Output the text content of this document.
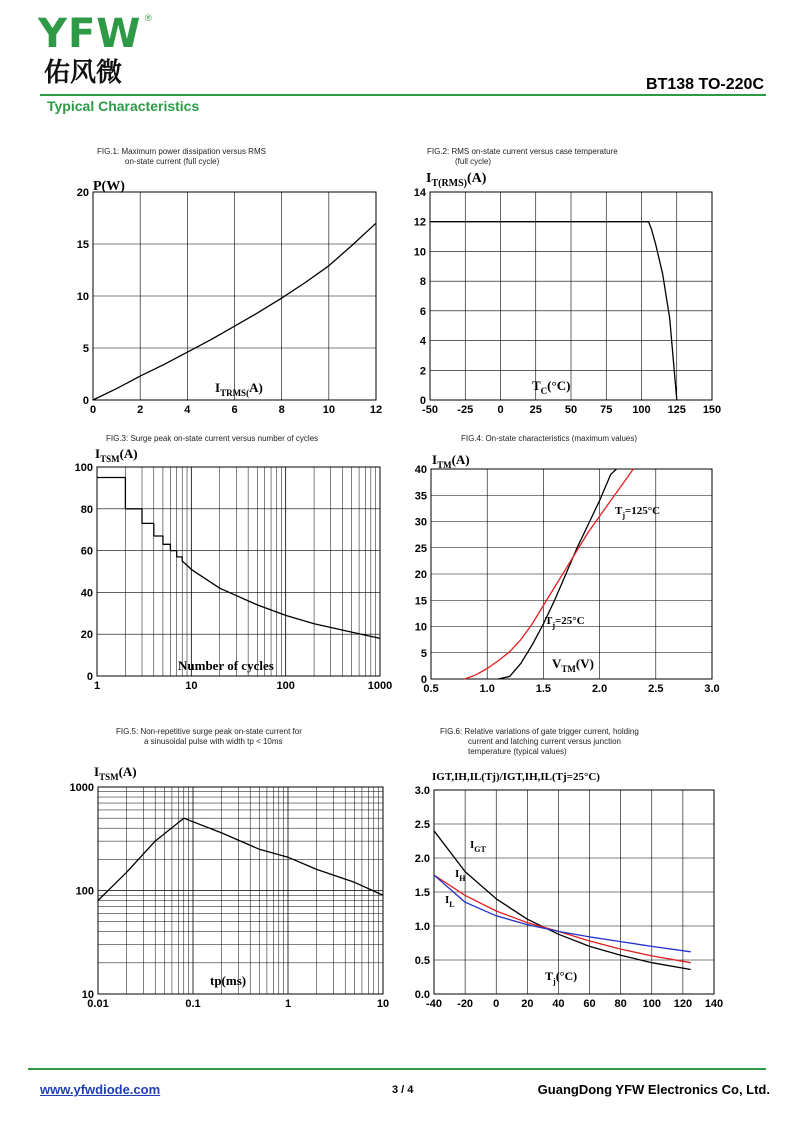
YFW ®
佑风微	BT138 TO-220C
Typical Characteristics
FIG.1: Maximum power dissipation versus RMS
on-state current (full cycle)
0	2	4	6	8	10	12
0
5
10
15
20
FIG.2: RMS on-state current versus case temperature
(full cycle)
-50 -25 0 25 50 75 100 125 150
0
2
4
6
8
10
12
14
FIG.3: Surge peak on-state current versus number of cycles
1	10	100	1000
0
20
40
60
80
100
FIG.4: On-state characteristics (maximum values)
0.5	1.0	1.5	2.0	2.5	3.0
0
5
10
15
20
25
30
35
40
FIG.5: Non-repetitive surge peak on-state current for
a sinusoidal pulse with width tp < 10ms
0.01	0.1	1	10
10
100
1000
FIG.6: Relative variations of gate trigger current, holding
current and latching current versus junction
temperature (typical values)
-40 -20 0 20 40 60 80 100 120 140
0.0
0.5
1.0
1.5
2.0
2.5
3.0
P(W)
$I_{TRMS(}A$)
$I_{T(RMS)}(A)$
$T_C(^\circ C)$
$I_{TSM}(A)$
Number of cycles
$I_{TM}(A)$
$V_{TM}(V)$
$T_j=125^\circ C$
$T_j=25^\circ C$
$I_{TSM}(A)$
tp(ms)
IGT,IH,IL(Tj)/IGT,IH,IL(Tj=25°C)
$T_j(^\circ C)$
$I_{GT}$
$I_H$
$I_L$
www.yfwdiode.com	3 / 4	GuangDong YFW Electronics Co, Ltd.
